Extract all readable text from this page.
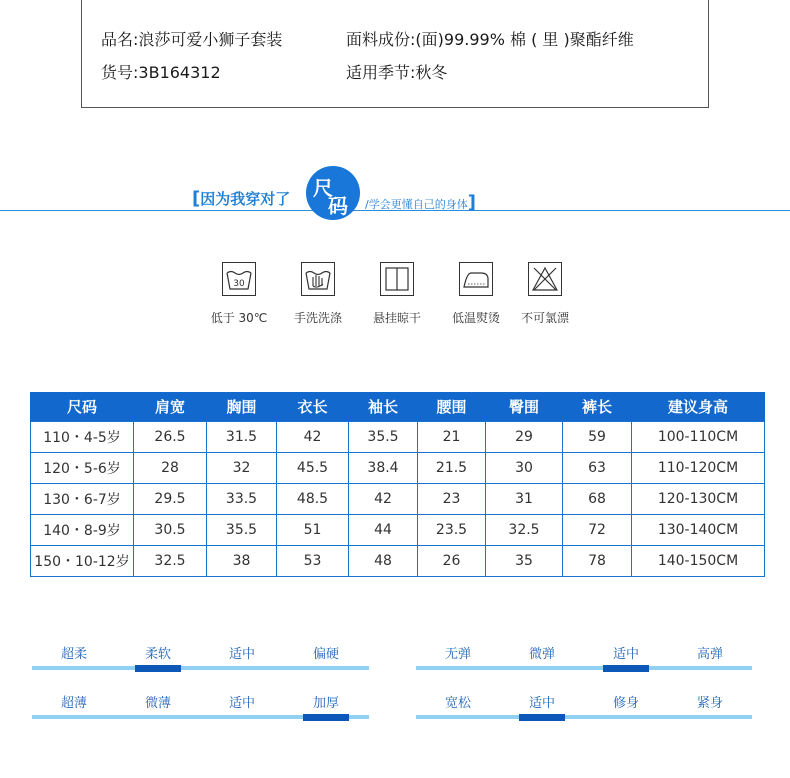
品名:浪莎可爱小狮子套装	面料成份:(面)99.99% 棉 ( 里 )聚酯纤维
货号:3B164312	适用季节:秋冬
[因为我穿对了 尺
码 /学会更懂自己的身体]
30
低于 30℃	手洗洗涤	悬挂晾干	低温熨烫	不可氯漂
尺码	肩宽	胸围	衣长	袖长	腰围	臀围	裤长	建议身高
110・4-5岁	26.5	31.5	42	35.5	21	29	59	100-110CM
120・5-6岁	28	32	45.5	38.4	21.5	30	63	110-120CM
130・6-7岁	29.5	33.5	48.5	42	23	31	68	120-130CM
140・8-9岁	30.5	35.5	51	44	23.5	32.5	72	130-140CM
150・10-12岁	32.5	38	53	48	26	35	78	140-150CM
超柔	柔软	适中	偏硬
超薄	微薄	适中	加厚
无弹	微弹	适中	高弹
宽松	适中	修身	紧身
